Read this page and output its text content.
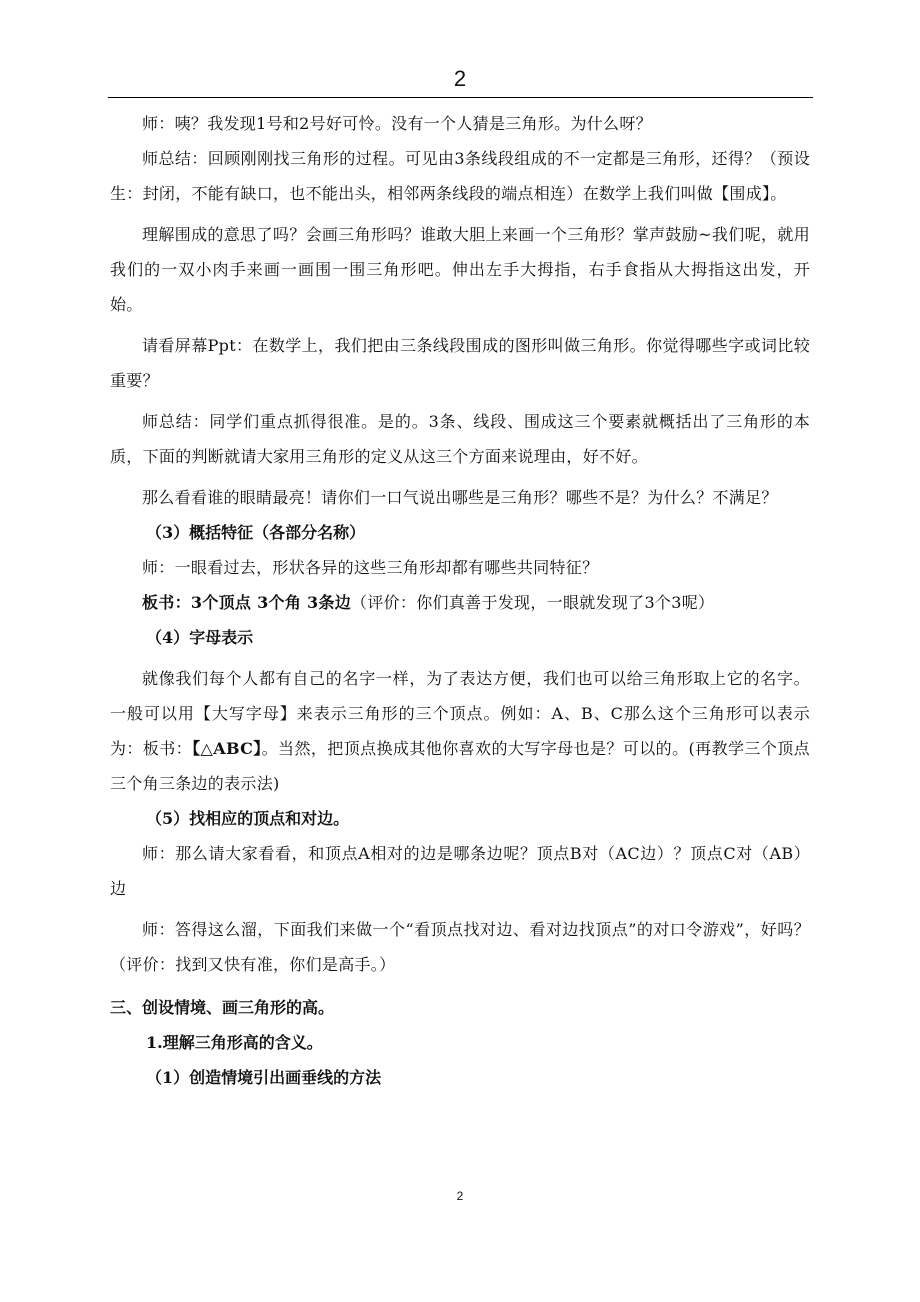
2

师：咦？我发现1号和2号好可怜。没有一个人猜是三角形。为什么呀？

师总结：回顾刚刚找三角形的过程。可见由3条线段组成的不一定都是三角形，还得？（预设生：封闭，不能有缺口，也不能出头，相邻两条线段的端点相连）在数学上我们叫做【围成】。

理解围成的意思了吗？会画三角形吗？谁敢大胆上来画一个三角形？掌声鼓励~我们呢，就用我们的一双小肉手来画一画围一围三角形吧。伸出左手大拇指，右手食指从大拇指这出发，开始。

请看屏幕Ppt：在数学上，我们把由三条线段围成的图形叫做三角形。你觉得哪些字或词比较重要？

师总结：同学们重点抓得很准。是的。3条、线段、围成这三个要素就概括出了三角形的本质，下面的判断就请大家用三角形的定义从这三个方面来说理由，好不好。

那么看看谁的眼睛最亮！请你们一口气说出哪些是三角形？哪些不是？为什么？不满足？

（3）概括特征（各部分名称）

师：一眼看过去，形状各异的这些三角形却都有哪些共同特征？

板书：3个顶点 3个角 3条边（评价：你们真善于发现，一眼就发现了3个3呢）

（4）字母表示

就像我们每个人都有自己的名字一样，为了表达方便，我们也可以给三角形取上它的名字。一般可以用【大写字母】来表示三角形的三个顶点。例如：A、B、C那么这个三角形可以表示为：板书：【△ABC】。当然，把顶点换成其他你喜欢的大写字母也是？可以的。(再教学三个顶点三个角三条边的表示法)

（5）找相应的顶点和对边。

师：那么请大家看看，和顶点A相对的边是哪条边呢？顶点B对（AC边）？顶点C对（AB）边

师：答得这么溜，下面我们来做一个“看顶点找对边、看对边找顶点”的对口令游戏”，好吗？（评价：找到又快有准，你们是高手。）

三、创设情境、画三角形的高。

1.理解三角形高的含义。

（1）创造情境引出画垂线的方法

2
